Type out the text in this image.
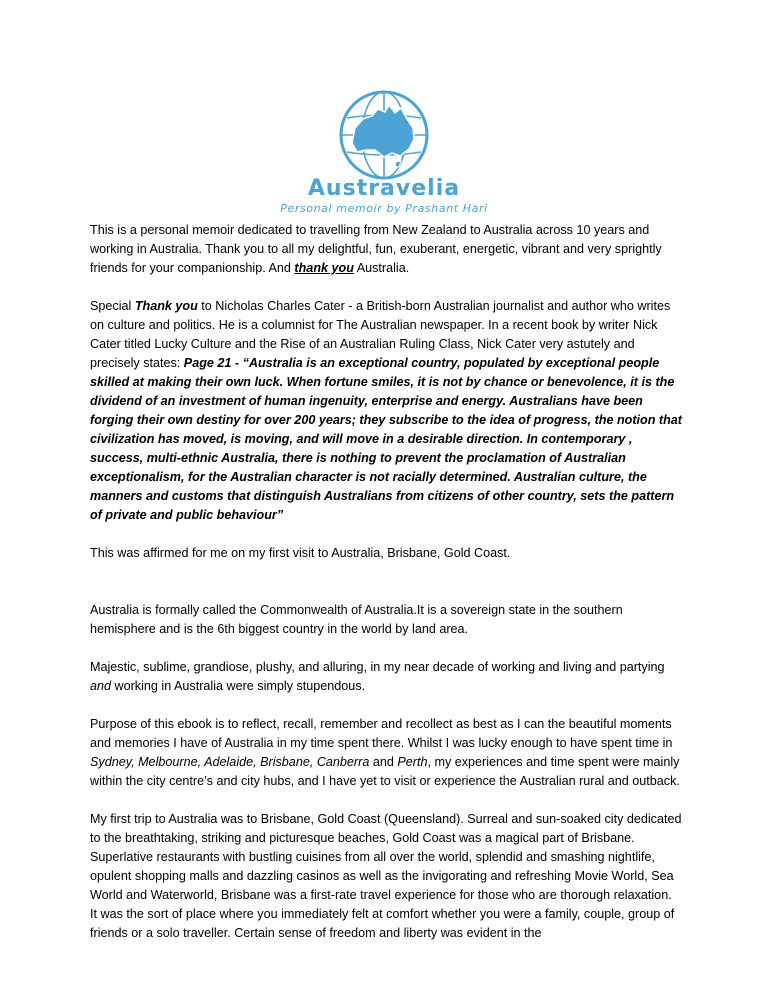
Austravelia
Personal memoir by Prashant Hari

This is a personal memoir dedicated to travelling from New Zealand to Australia across 10 years and working in Australia. Thank you to all my delightful, fun, exuberant, energetic, vibrant and very sprightly friends for your companionship. And thank you Australia.

Special Thank you to Nicholas Charles Cater - a British-born Australian journalist and author who writes on culture and politics. He is a columnist for The Australian newspaper. In a recent book by writer Nick Cater titled Lucky Culture and the Rise of an Australian Ruling Class, Nick Cater very astutely and precisely states: Page 21 - “Australia is an exceptional country, populated by exceptional people skilled at making their own luck. When fortune smiles, it is not by chance or benevolence, it is the dividend of an investment of human ingenuity, enterprise and energy. Australians have been forging their own destiny for over 200 years; they subscribe to the idea of progress, the notion that civilization has moved, is moving, and will move in a desirable direction. In contemporary , success, multi-ethnic Australia, there is nothing to prevent the proclamation of Australian exceptionalism, for the Australian character is not racially determined. Australian culture, the manners and customs that distinguish Australians from citizens of other country, sets the pattern of private and public behaviour”

This was affirmed for me on my first visit to Australia, Brisbane, Gold Coast.

Australia is formally called the Commonwealth of Australia.It is a sovereign state in the southern hemisphere and is the 6th biggest country in the world by land area.

Majestic, sublime, grandiose, plushy, and alluring, in my near decade of working and living and partying and working in Australia were simply stupendous.

Purpose of this ebook is to reflect, recall, remember and recollect as best as I can the beautiful moments and memories I have of Australia in my time spent there. Whilst I was lucky enough to have spent time in Sydney, Melbourne, Adelaide, Brisbane, Canberra and Perth, my experiences and time spent were mainly within the city centre’s and city hubs, and I have yet to visit or experience the Australian rural and outback.

My first trip to Australia was to Brisbane, Gold Coast (Queensland). Surreal and sun-soaked city dedicated to the breathtaking, striking and picturesque beaches, Gold Coast was a magical part of Brisbane. Superlative restaurants with bustling cuisines from all over the world, splendid and smashing nightlife, opulent shopping malls and dazzling casinos as well as the invigorating and refreshing Movie World, Sea World and Waterworld, Brisbane was a first-rate travel experience for those who are thorough relaxation. It was the sort of place where you immediately felt at comfort whether you were a family, couple, group of friends or a solo traveller. Certain sense of freedom and liberty was evident in the
